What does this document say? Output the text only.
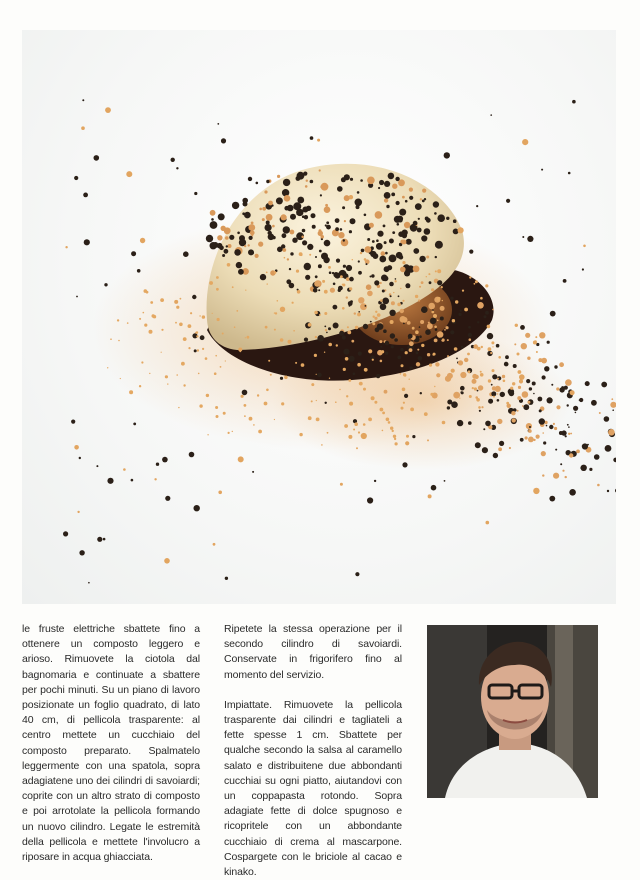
le fruste elettriche sbattete fino a ottenere un composto leggero e arioso. Rimuovete la ciotola dal bagnomaria e continuate a sbattere per pochi minuti. Su un piano di lavoro posizionate un foglio quadrato, di lato 40 cm, di pellicola trasparente: al centro mettete un cucchiaio del composto preparato. Spalmatelo leggermente con una spatola, sopra adagiatene uno dei cilindri di savoiardi; coprite con un altro strato di composto e poi arrotolate la pellicola formando un nuovo cilindro. Legate le estremità della pellicola e mettete l'involucro a riposare in acqua ghiacciata.

Ripetete la stessa operazione per il secondo cilindro di savoiardi. Conservate in frigorifero fino al momento del servizio.

Impiattate. Rimuovete la pellicola trasparente dai cilindri e tagliateli a fette spesse 1 cm. Sbattete per qualche secondo la salsa al caramello salato e distribuitene due abbondanti cucchiai su ogni piatto, aiutandovi con un coppapasta rotondo. Sopra adagiate fette di dolce spugnoso e ricopritele con un abbondante cucchiaio di crema al mascarpone. Cospargete con le briciole al cacao e kinako.
